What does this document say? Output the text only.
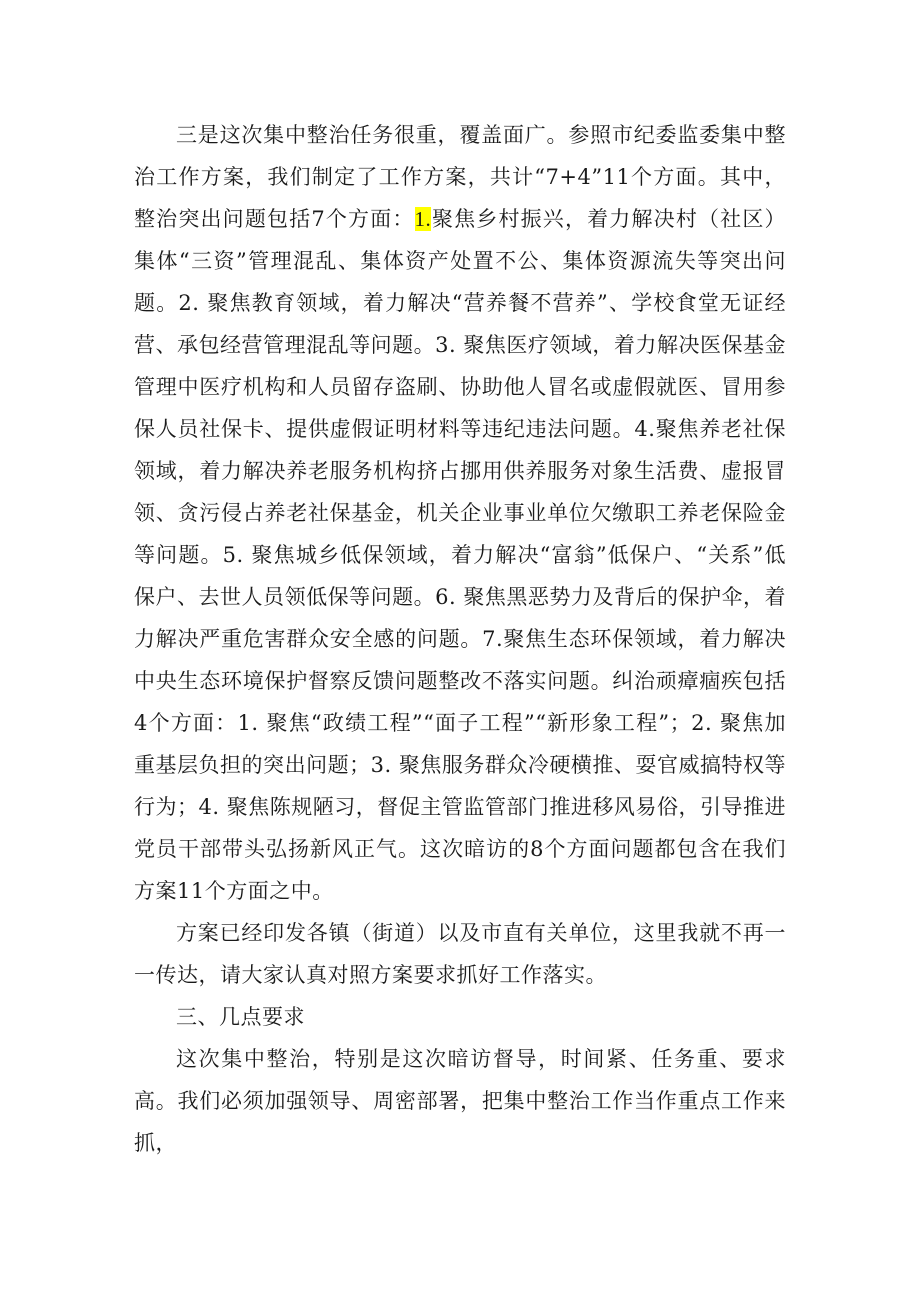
三是这次集中整治任务很重，覆盖面广。参照市纪委监委集中整治工作方案，我们制定了工作方案，共计“7+4”11个方面。其中，整治突出问题包括7个方面：1.聚焦乡村振兴，着力解决村（社区）集体“三资”管理混乱、集体资产处置不公、集体资源流失等突出问题。2. 聚焦教育领域，着力解决“营养餐不营养”、学校食堂无证经营、承包经营管理混乱等问题。3. 聚焦医疗领域，着力解决医保基金管理中医疗机构和人员留存盗刷、协助他人冒名或虚假就医、冒用参保人员社保卡、提供虚假证明材料等违纪违法问题。4.聚焦养老社保领域，着力解决养老服务机构挤占挪用供养服务对象生活费、虚报冒领、贪污侵占养老社保基金，机关企业事业单位欠缴职工养老保险金等问题。5. 聚焦城乡低保领域，着力解决“富翁”低保户、“关系”低保户、去世人员领低保等问题。6. 聚焦黑恶势力及背后的保护伞，着力解决严重危害群众安全感的问题。7.聚焦生态环保领域，着力解决中央生态环境保护督察反馈问题整改不落实问题。纠治顽瘴痼疾包括4个方面：1. 聚焦“政绩工程”“面子工程”“新形象工程”；2. 聚焦加重基层负担的突出问题；3. 聚焦服务群众冷硬横推、耍官威搞特权等行为；4. 聚焦陈规陋习，督促主管监管部门推进移风易俗，引导推进党员干部带头弘扬新风正气。这次暗访的8个方面问题都包含在我们方案11个方面之中。

方案已经印发各镇（街道）以及市直有关单位，这里我就不再一一传达，请大家认真对照方案要求抓好工作落实。

三、几点要求

这次集中整治，特别是这次暗访督导，时间紧、任务重、要求高。我们必须加强领导、周密部署，把集中整治工作当作重点工作来抓，
